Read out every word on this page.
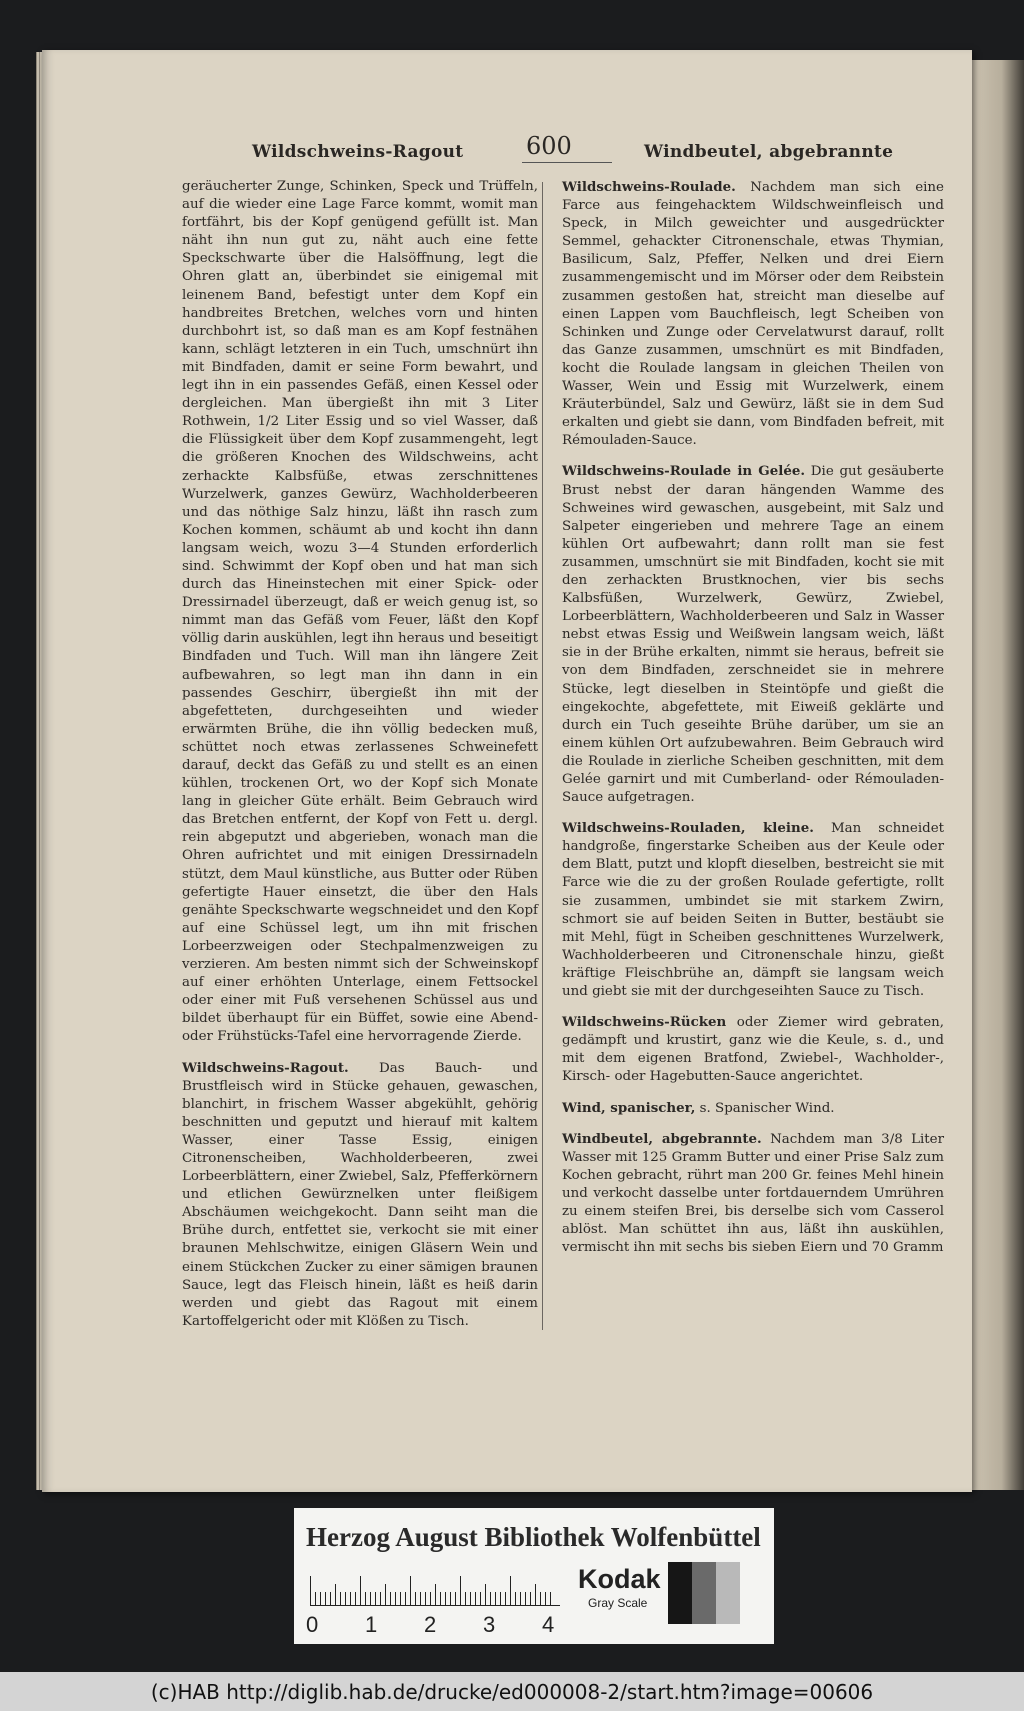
Wildschweins-Ragout	600	Windbeutel, abgebrannte

geräucherter Zunge, Schinken, Speck und Trüffeln, auf die wieder eine Lage Farce kommt, womit man fortfährt, bis der Kopf genügend gefüllt ist. Man näht ihn nun gut zu, näht auch eine fette Speckschwarte über die Halsöffnung, legt die Ohren glatt an, überbindet sie einigemal mit leinenem Band, befestigt unter dem Kopf ein handbreites Bretchen, welches vorn und hinten durchbohrt ist, so daß man es am Kopf festnähen kann, schlägt letzteren in ein Tuch, umschnürt ihn mit Bindfaden, damit er seine Form bewahrt, und legt ihn in ein passendes Gefäß, einen Kessel oder dergleichen. Man übergießt ihn mit 3 Liter Rothwein, 1/2 Liter Essig und so viel Wasser, daß die Flüssigkeit über dem Kopf zusammengeht, legt die größeren Knochen des Wildschweins, acht zerhackte Kalbsfüße, etwas zerschnittenes Wurzelwerk, ganzes Gewürz, Wachholderbeeren und das nöthige Salz hinzu, läßt ihn rasch zum Kochen kommen, schäumt ab und kocht ihn dann langsam weich, wozu 3—4 Stunden erforderlich sind. Schwimmt der Kopf oben und hat man sich durch das Hineinstechen mit einer Spick- oder Dressirnadel überzeugt, daß er weich genug ist, so nimmt man das Gefäß vom Feuer, läßt den Kopf völlig darin auskühlen, legt ihn heraus und beseitigt Bindfaden und Tuch. Will man ihn längere Zeit aufbewahren, so legt man ihn dann in ein passendes Geschirr, übergießt ihn mit der abgefetteten, durchgeseihten und wieder erwärmten Brühe, die ihn völlig bedecken muß, schüttet noch etwas zerlassenes Schweinefett darauf, deckt das Gefäß zu und stellt es an einen kühlen, trockenen Ort, wo der Kopf sich Monate lang in gleicher Güte erhält. Beim Gebrauch wird das Bretchen entfernt, der Kopf von Fett u. dergl. rein abgeputzt und abgerieben, wonach man die Ohren aufrichtet und mit einigen Dressirnadeln stützt, dem Maul künstliche, aus Butter oder Rüben gefertigte Hauer einsetzt, die über den Hals genähte Speckschwarte wegschneidet und den Kopf auf eine Schüssel legt, um ihn mit frischen Lorbeerzweigen oder Stechpalmenzweigen zu verzieren. Am besten nimmt sich der Schweinskopf auf einer erhöhten Unterlage, einem Fettsockel oder einer mit Fuß versehenen Schüssel aus und bildet überhaupt für ein Büffet, sowie eine Abend- oder Frühstücks-Tafel eine hervorragende Zierde.

Wildschweins-Ragout. Das Bauch- und Brustfleisch wird in Stücke gehauen, gewaschen, blanchirt, in frischem Wasser abgekühlt, gehörig beschnitten und geputzt und hierauf mit kaltem Wasser, einer Tasse Essig, einigen Citronenscheiben, Wachholderbeeren, zwei Lorbeerblättern, einer Zwiebel, Salz, Pfefferkörnern und etlichen Gewürznelken unter fleißigem Abschäumen weichgekocht. Dann seiht man die Brühe durch, entfettet sie, verkocht sie mit einer braunen Mehlschwitze, einigen Gläsern Wein und einem Stückchen Zucker zu einer sämigen braunen Sauce, legt das Fleisch hinein, läßt es heiß darin werden und giebt das Ragout mit einem Kartoffelgericht oder mit Klößen zu Tisch.

Wildschweins-Roulade. Nachdem man sich eine Farce aus feingehacktem Wildschweinfleisch und Speck, in Milch geweichter und ausgedrückter Semmel, gehackter Citronenschale, etwas Thymian, Basilicum, Salz, Pfeffer, Nelken und drei Eiern zusammengemischt und im Mörser oder dem Reibstein zusammen gestoßen hat, streicht man dieselbe auf einen Lappen vom Bauchfleisch, legt Scheiben von Schinken und Zunge oder Cervelatwurst darauf, rollt das Ganze zusammen, umschnürt es mit Bindfaden, kocht die Roulade langsam in gleichen Theilen von Wasser, Wein und Essig mit Wurzelwerk, einem Kräuterbündel, Salz und Gewürz, läßt sie in dem Sud erkalten und giebt sie dann, vom Bindfaden befreit, mit Rémouladen-Sauce.

Wildschweins-Roulade in Gelée. Die gut gesäuberte Brust nebst der daran hängenden Wamme des Schweines wird gewaschen, ausgebeint, mit Salz und Salpeter eingerieben und mehrere Tage an einem kühlen Ort aufbewahrt; dann rollt man sie fest zusammen, umschnürt sie mit Bindfaden, kocht sie mit den zerhackten Brustknochen, vier bis sechs Kalbsfüßen, Wurzelwerk, Gewürz, Zwiebel, Lorbeerblättern, Wachholderbeeren und Salz in Wasser nebst etwas Essig und Weißwein langsam weich, läßt sie in der Brühe erkalten, nimmt sie heraus, befreit sie von dem Bindfaden, zerschneidet sie in mehrere Stücke, legt dieselben in Steintöpfe und gießt die eingekochte, abgefettete, mit Eiweiß geklärte und durch ein Tuch geseihte Brühe darüber, um sie an einem kühlen Ort aufzubewahren. Beim Gebrauch wird die Roulade in zierliche Scheiben geschnitten, mit dem Gelée garnirt und mit Cumberland- oder Rémouladen-Sauce aufgetragen.

Wildschweins-Rouladen, kleine. Man schneidet handgroße, fingerstarke Scheiben aus der Keule oder dem Blatt, putzt und klopft dieselben, bestreicht sie mit Farce wie die zu der großen Roulade gefertigte, rollt sie zusammen, umbindet sie mit starkem Zwirn, schmort sie auf beiden Seiten in Butter, bestäubt sie mit Mehl, fügt in Scheiben geschnittenes Wurzelwerk, Wachholderbeeren und Citronenschale hinzu, gießt kräftige Fleischbrühe an, dämpft sie langsam weich und giebt sie mit der durchgeseihten Sauce zu Tisch.

Wildschweins-Rücken oder Ziemer wird gebraten, gedämpft und krustirt, ganz wie die Keule, s. d., und mit dem eigenen Bratfond, Zwiebel-, Wachholder-, Kirsch- oder Hagebutten-Sauce angerichtet.

Wind, spanischer, s. Spanischer Wind.

Windbeutel, abgebrannte. Nachdem man 3/8 Liter Wasser mit 125 Gramm Butter und einer Prise Salz zum Kochen gebracht, rührt man 200 Gr. feines Mehl hinein und verkocht dasselbe unter fortdauerndem Umrühren zu einem steifen Brei, bis derselbe sich vom Casserol ablöst. Man schüttet ihn aus, läßt ihn auskühlen, vermischt ihn mit sechs bis sieben Eiern und 70 Gramm

Herzog August Bibliothek Wolfenbüttel
0 1 2 3 4
Kodak
Gray Scale
(c)HAB http://diglib.hab.de/drucke/ed000008-2/start.htm?image=00606
